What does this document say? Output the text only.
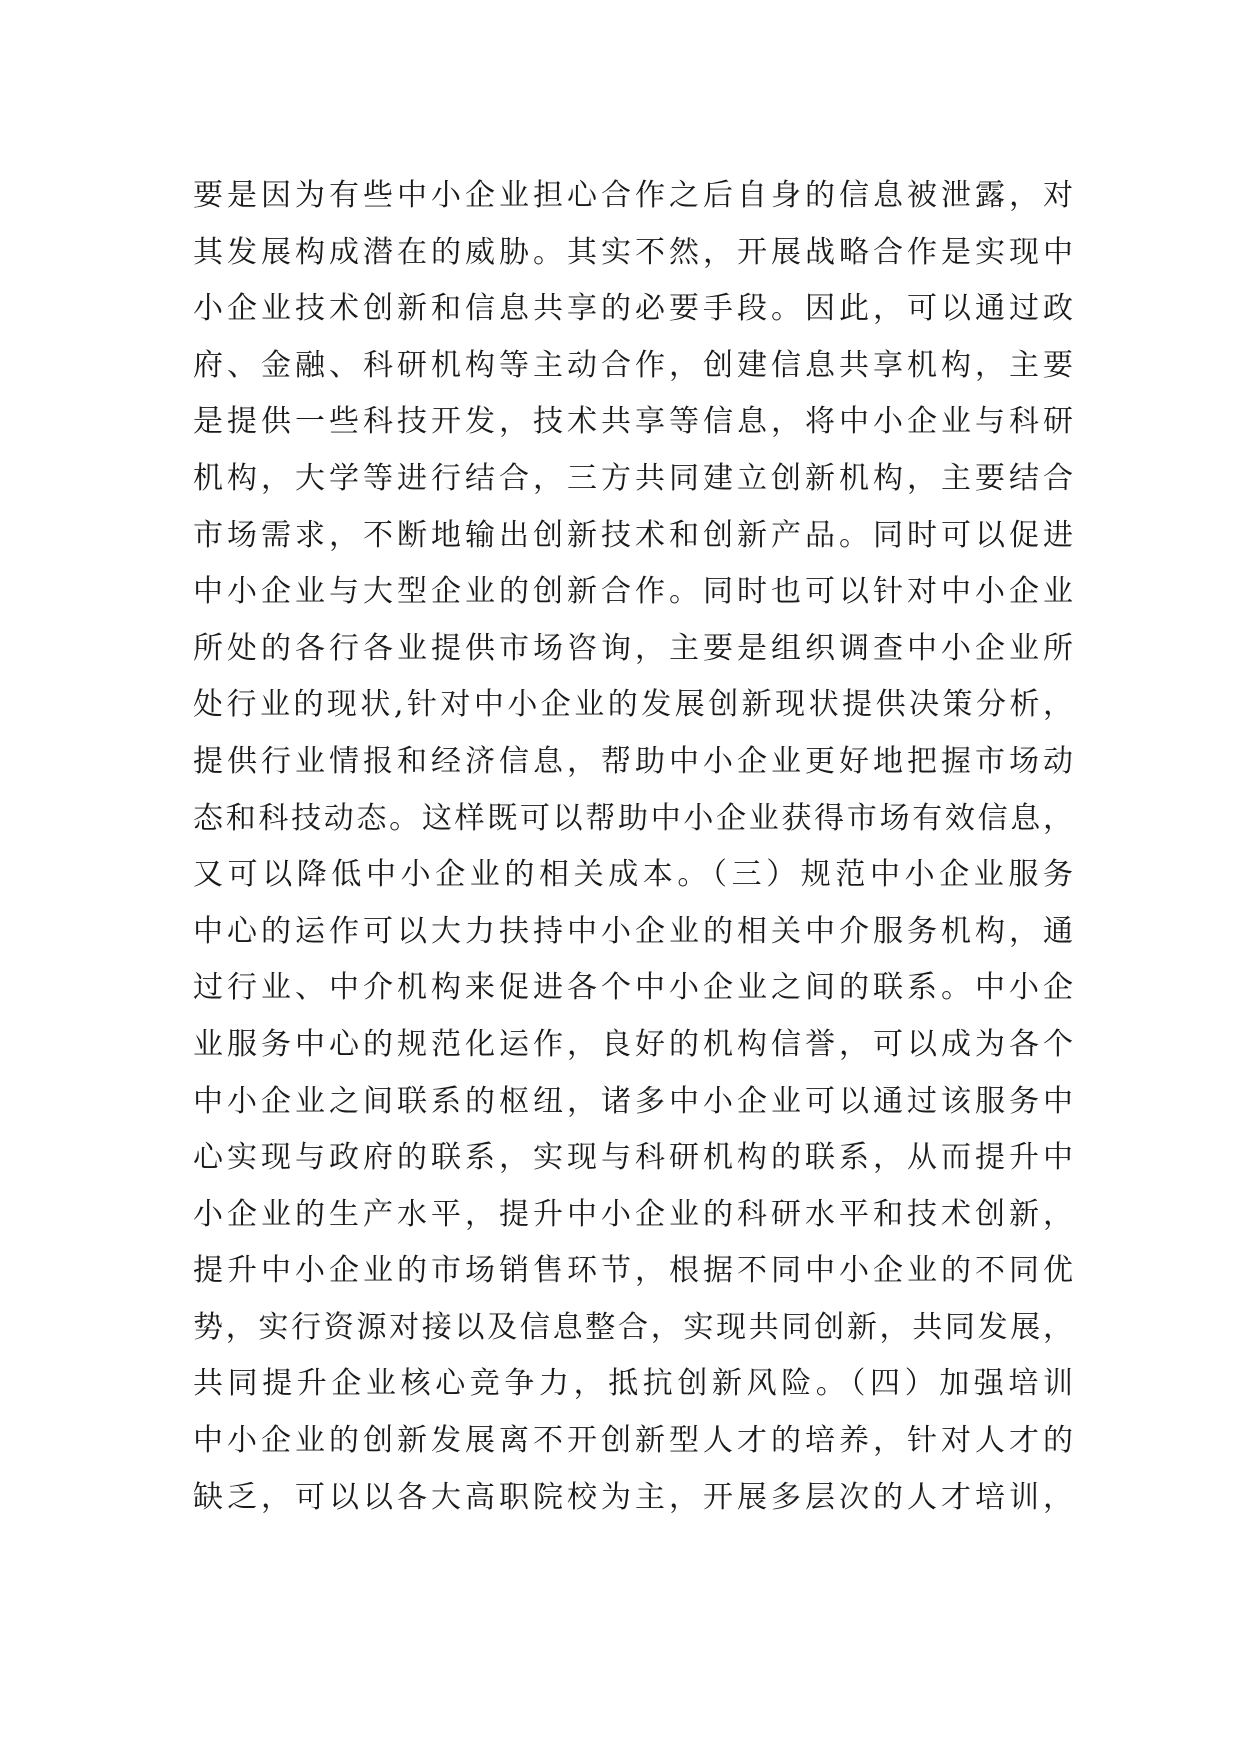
要是因为有些中小企业担心合作之后自身的信息被泄露，对
其发展构成潜在的威胁。其实不然，开展战略合作是实现中
小企业技术创新和信息共享的必要手段。因此，可以通过政
府、金融、科研机构等主动合作，创建信息共享机构，主要
是提供一些科技开发，技术共享等信息，将中小企业与科研
机构，大学等进行结合，三方共同建立创新机构，主要结合
市场需求，不断地输出创新技术和创新产品。同时可以促进
中小企业与大型企业的创新合作。同时也可以针对中小企业
所处的各行各业提供市场咨询，主要是组织调查中小企业所
处行业的现状,针对中小企业的发展创新现状提供决策分析，
提供行业情报和经济信息，帮助中小企业更好地把握市场动
态和科技动态。这样既可以帮助中小企业获得市场有效信息，
又可以降低中小企业的相关成本。（三）规范中小企业服务
中心的运作可以大力扶持中小企业的相关中介服务机构，通
过行业、中介机构来促进各个中小企业之间的联系。中小企
业服务中心的规范化运作，良好的机构信誉，可以成为各个
中小企业之间联系的枢纽，诸多中小企业可以通过该服务中
心实现与政府的联系，实现与科研机构的联系，从而提升中
小企业的生产水平，提升中小企业的科研水平和技术创新，
提升中小企业的市场销售环节，根据不同中小企业的不同优
势，实行资源对接以及信息整合，实现共同创新，共同发展，
共同提升企业核心竞争力，抵抗创新风险。（四）加强培训
中小企业的创新发展离不开创新型人才的培养，针对人才的
缺乏，可以以各大高职院校为主，开展多层次的人才培训，
